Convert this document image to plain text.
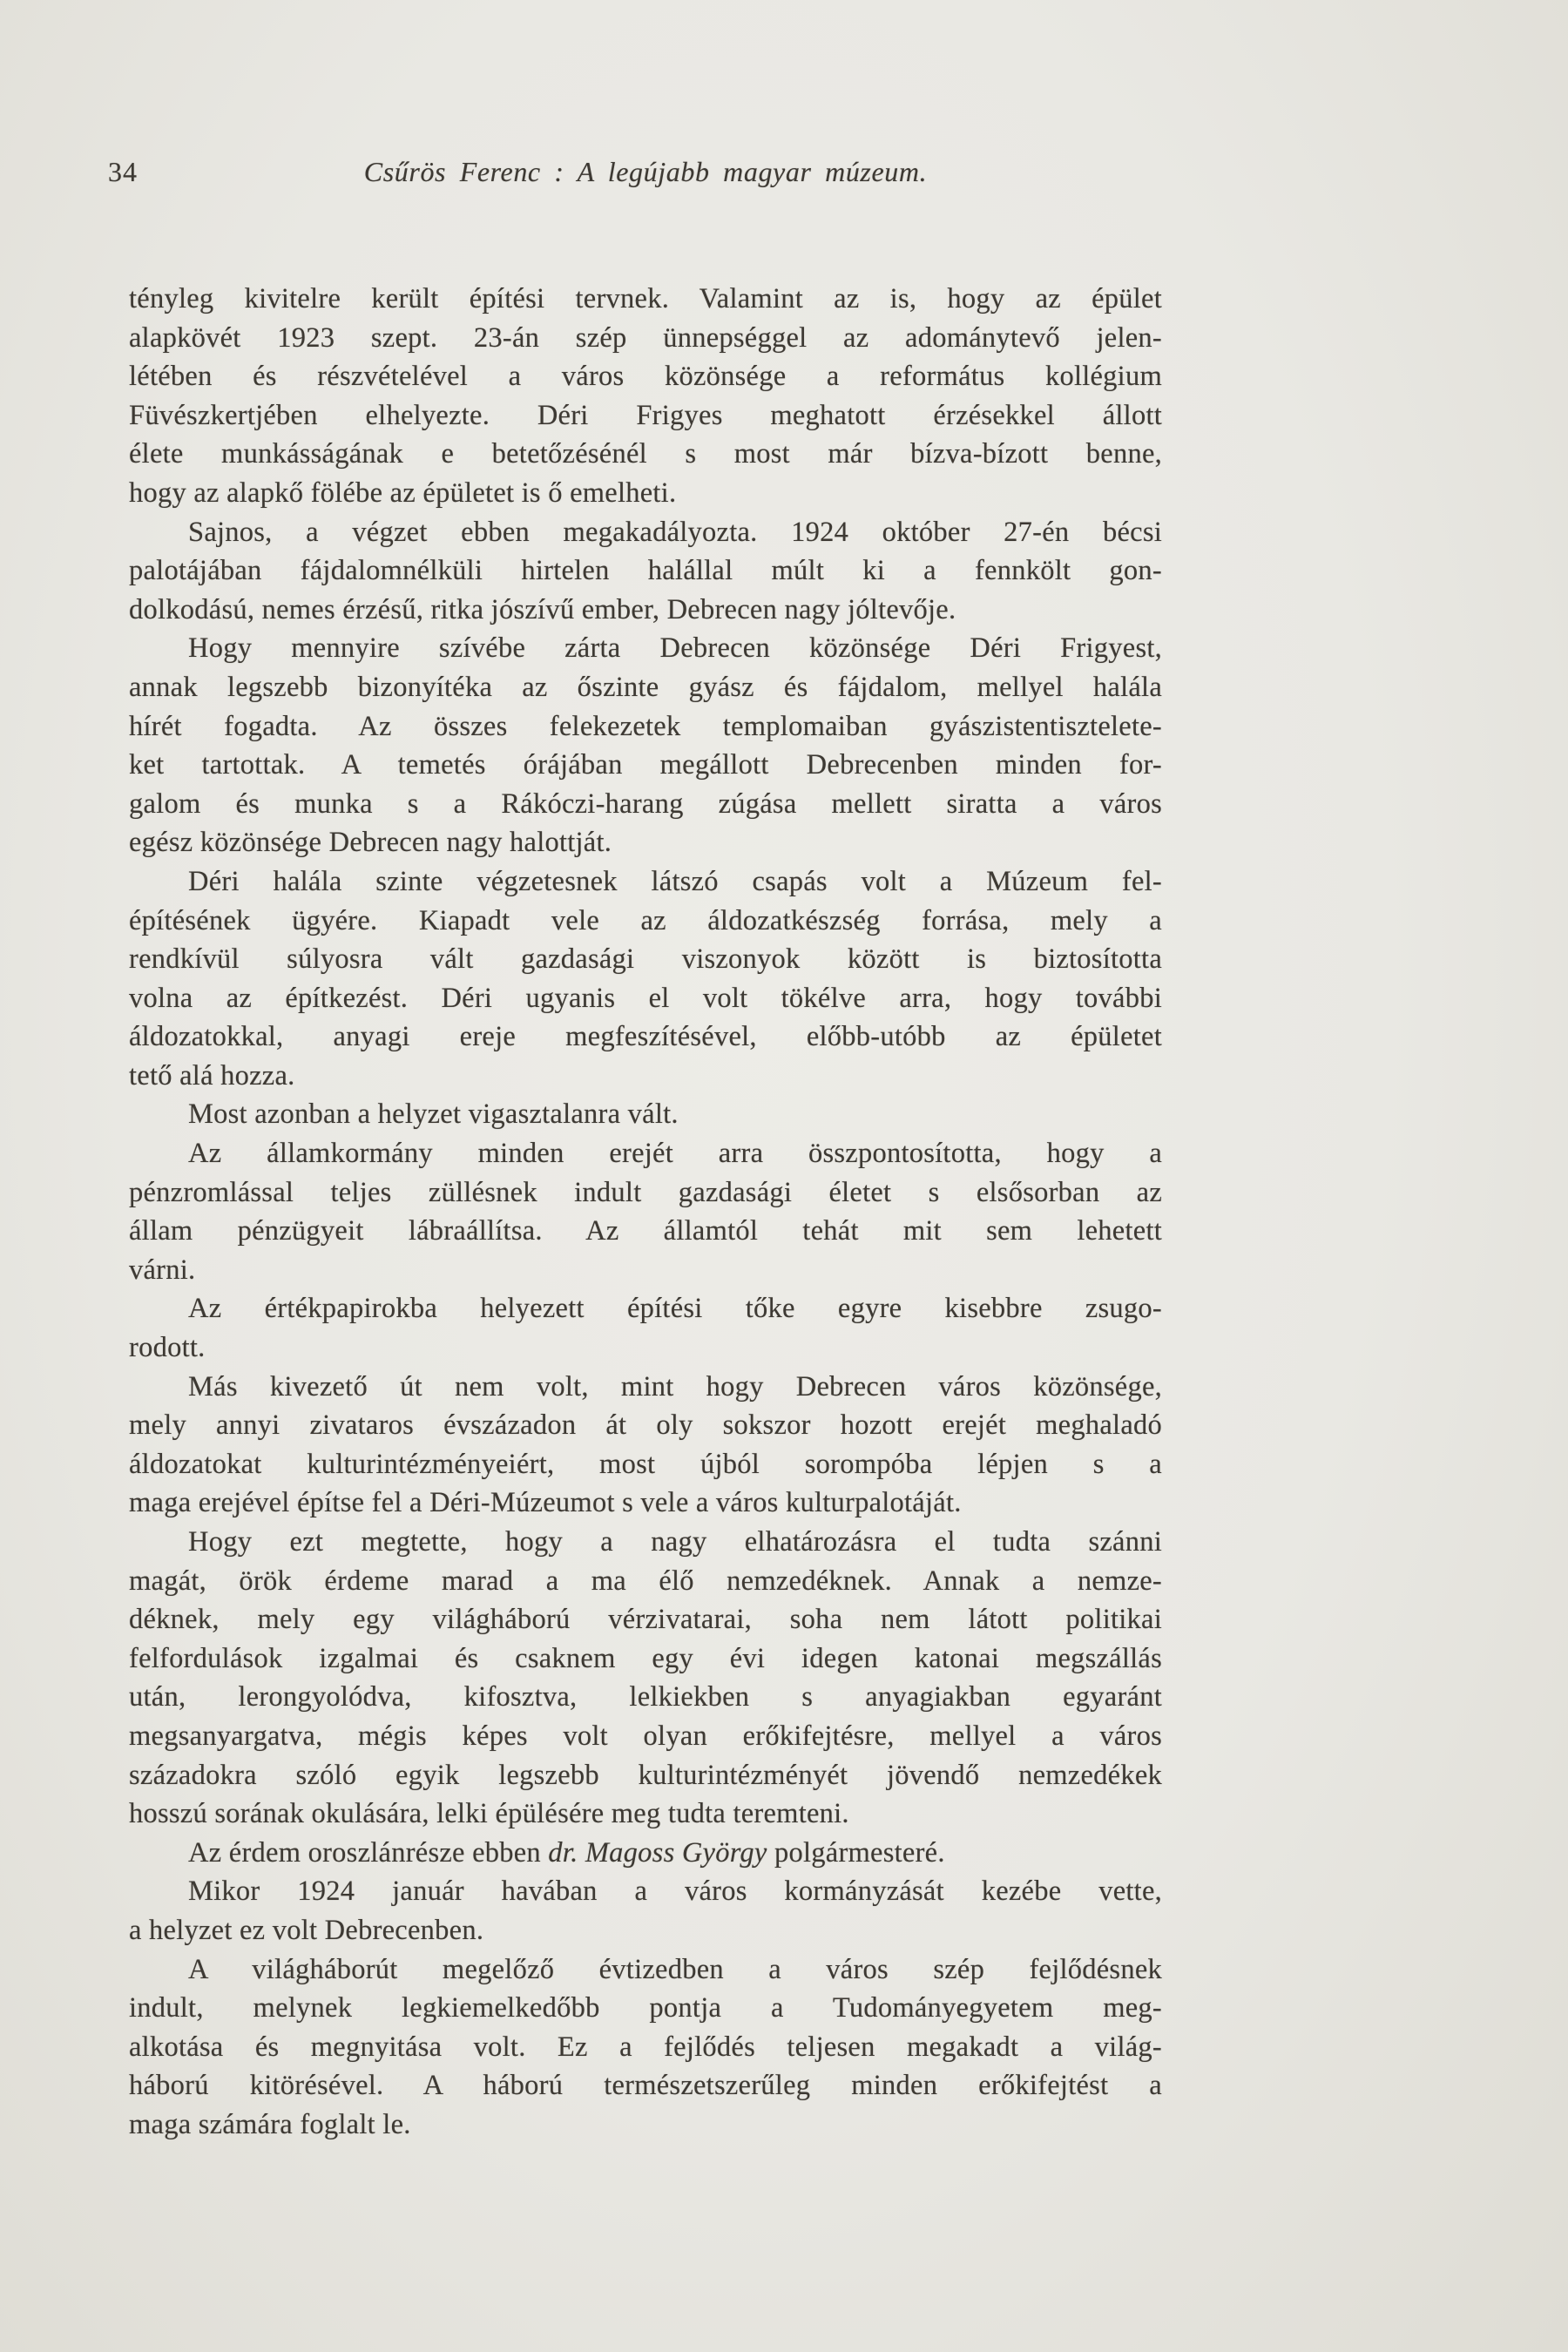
34	Csűrös Ferenc : A legújabb magyar múzeum.
tényleg kivitelre került építési tervnek. Valamint az is, hogy az épület
alapkövét 1923 szept. 23-án szép ünnepséggel az adománytevő jelen-
létében és részvételével a város közönsége a református kollégium
Füvészkertjében elhelyezte. Déri Frigyes meghatott érzésekkel állott
élete munkásságának e betetőzésénél s most már bízva-bízott benne,
hogy az alapkő fölébe az épületet is ő emelheti.
Sajnos, a végzet ebben megakadályozta. 1924 október 27-én bécsi
palotájában fájdalomnélküli hirtelen halállal múlt ki a fennkölt gon-
dolkodású, nemes érzésű, ritka jószívű ember, Debrecen nagy jóltevője.
Hogy mennyire szívébe zárta Debrecen közönsége Déri Frigyest,
annak legszebb bizonyítéka az őszinte gyász és fájdalom, mellyel halála
hírét fogadta. Az összes felekezetek templomaiban gyászistentisztelete-
ket tartottak. A temetés órájában megállott Debrecenben minden for-
galom és munka s a Rákóczi-harang zúgása mellett siratta a város
egész közönsége Debrecen nagy halottját.
Déri halála szinte végzetesnek látszó csapás volt a Múzeum fel-
építésének ügyére. Kiapadt vele az áldozatkészség forrása, mely a
rendkívül súlyosra vált gazdasági viszonyok között is biztosította
volna az építkezést. Déri ugyanis el volt tökélve arra, hogy további
áldozatokkal, anyagi ereje megfeszítésével, előbb-utóbb az épületet
tető alá hozza.
Most azonban a helyzet vigasztalanra vált.
Az államkormány minden erejét arra összpontosította, hogy a
pénzromlással teljes züllésnek indult gazdasági életet s elsősorban az
állam pénzügyeit lábraállítsa. Az államtól tehát mit sem lehetett
várni.
Az értékpapirokba helyezett építési tőke egyre kisebbre zsugo-
rodott.
Más kivezető út nem volt, mint hogy Debrecen város közönsége,
mely annyi zivataros évszázadon át oly sokszor hozott erejét meghaladó
áldozatokat kulturintézményeiért, most újból sorompóba lépjen s a
maga erejével építse fel a Déri-Múzeumot s vele a város kulturpalotáját.
Hogy ezt megtette, hogy a nagy elhatározásra el tudta szánni
magát, örök érdeme marad a ma élő nemzedéknek. Annak a nemze-
déknek, mely egy világháború vérzivatarai, soha nem látott politikai
felfordulások izgalmai és csaknem egy évi idegen katonai megszállás
után, lerongyolódva, kifosztva, lelkiekben s anyagiakban egyaránt
megsanyargatva, mégis képes volt olyan erőkifejtésre, mellyel a város
századokra szóló egyik legszebb kulturintézményét jövendő nemzedékek
hosszú sorának okulására, lelki épülésére meg tudta teremteni.
Az érdem oroszlánrésze ebben dr. Magoss György polgármesteré.
Mikor 1924 január havában a város kormányzását kezébe vette,
a helyzet ez volt Debrecenben.
A világháborút megelőző évtizedben a város szép fejlődésnek
indult, melynek legkiemelkedőbb pontja a Tudományegyetem meg-
alkotása és megnyitása volt. Ez a fejlődés teljesen megakadt a világ-
háború kitörésével. A háború természetszerűleg minden erőkifejtést a
maga számára foglalt le.
